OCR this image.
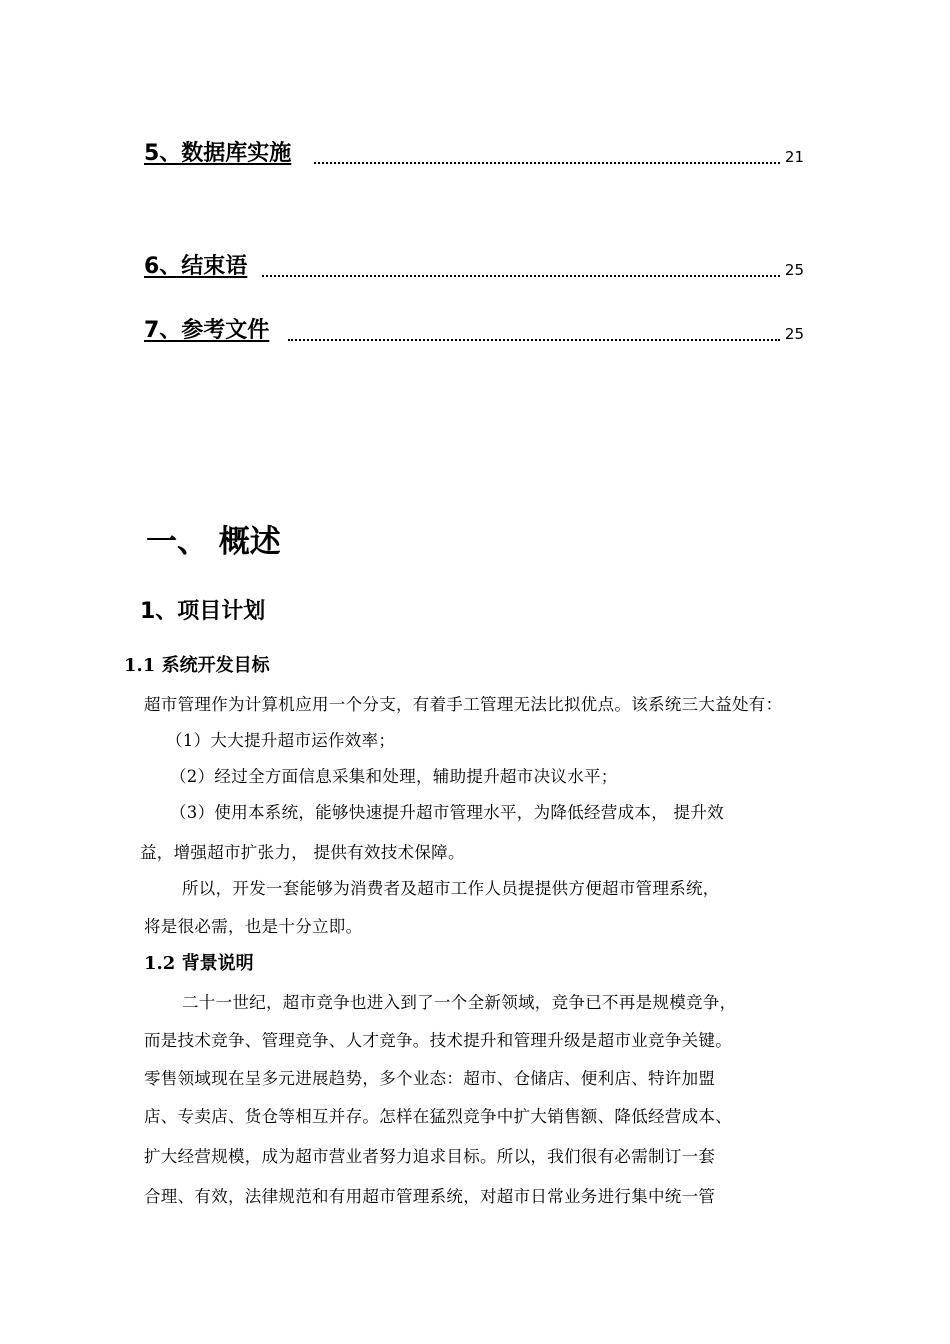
5、数据库实施	21
6、结束语	25
7、参考文件	25
一、 概述
1、项目计划
1.1 系统开发目标
超市管理作为计算机应用一个分支，有着手工管理无法比拟优点。该系统三大益处有：
（1）大大提升超市运作效率；
（2）经过全方面信息采集和处理，辅助提升超市决议水平；
（3）使用本系统，能够快速提升超市管理水平，为降低经营成本， 提升效
益，增强超市扩张力， 提供有效技术保障。
所以，开发一套能够为消费者及超市工作人员提提供方便超市管理系统，
将是很必需，也是十分立即。
1.2 背景说明
二十一世纪，超市竞争也进入到了一个全新领域，竞争已不再是规模竞争，
而是技术竞争、管理竞争、人才竞争。技术提升和管理升级是超市业竞争关键。
零售领域现在呈多元进展趋势，多个业态：超市、仓储店、便利店、特许加盟
店、专卖店、货仓等相互并存。怎样在猛烈竞争中扩大销售额、降低经营成本、
扩大经营规模，成为超市营业者努力追求目标。所以，我们很有必需制订一套
合理、有效，法律规范和有用超市管理系统，对超市日常业务进行集中统一管
